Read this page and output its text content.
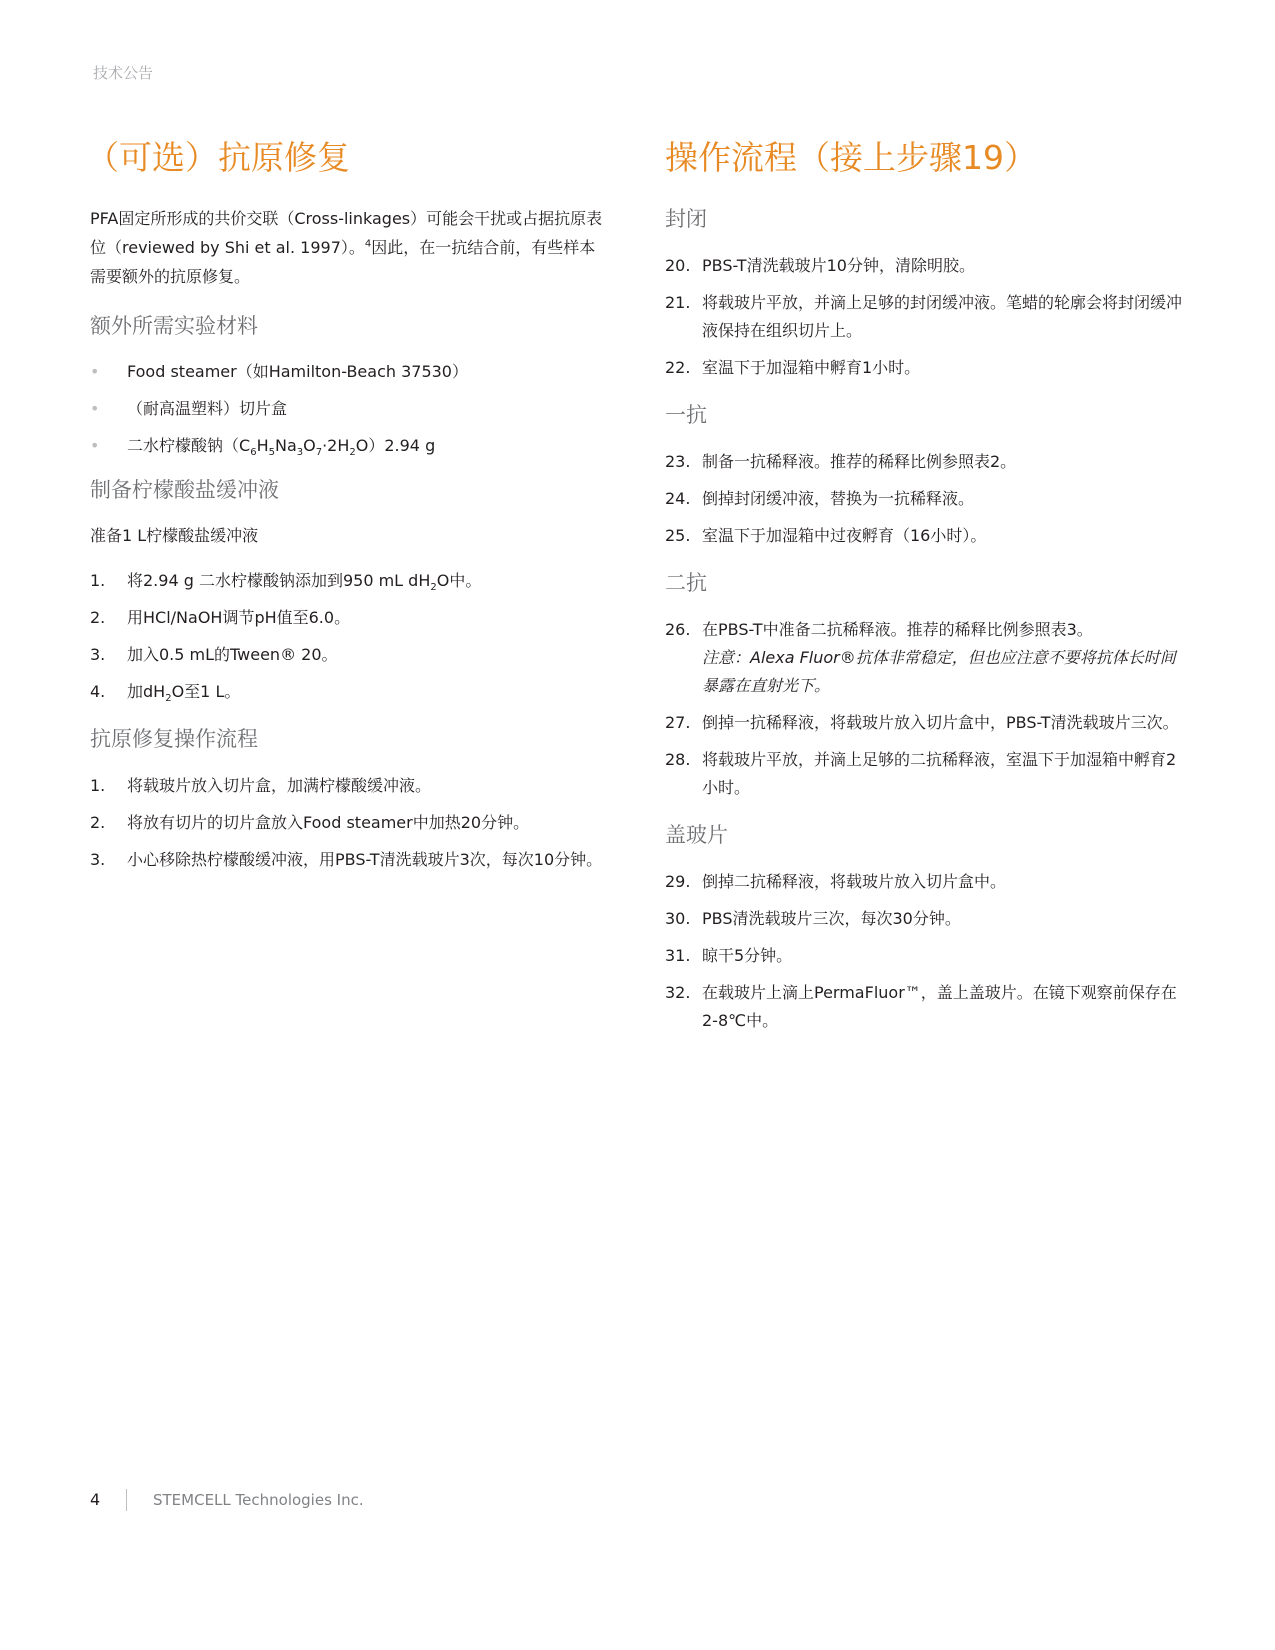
技术公告
（可选）抗原修复

PFA固定所形成的共价交联（Cross-linkages）可能会干扰或占据抗原表位（reviewed by Shi et al. 1997）。$^4$因此，在一抗结合前，有些样本需要额外的抗原修复。

额外所需实验材料
• Food steamer（如Hamilton-Beach 37530）
• （耐高温塑料）切片盒
• 二水柠檬酸钠$(C_6H_5Na_3O_7\cdot 2H_2O)2.94$ g
制备柠檬酸盐缓冲液

准备1 L柠檬酸盐缓冲液

1. 将2.94 g 二水柠檬酸钠添加到950 mL $dH_2O$中。
2. 用HCl/NaOH调节pH值至6.0。
3. 加入0.5 mL的Tween® 20。
4. 加$dH_2O$至1 L。
抗原修复操作流程
1. 将载玻片放入切片盒，加满柠檬酸缓冲液。
2. 将放有切片的切片盒放入Food steamer中加热20分钟。
3. 小心移除热柠檬酸缓冲液，用PBS-T清洗载玻片3次，每次10分钟。
操作流程（接上步骤19）
封闭
20. PBS-T清洗载玻片10分钟，清除明胶。
21. 将载玻片平放，并滴上足够的封闭缓冲液。笔蜡的轮廓会将封闭缓冲液保持在组织切片上。
22. 室温下于加湿箱中孵育1小时。
一抗
23. 制备一抗稀释液。推荐的稀释比例参照表2。
24. 倒掉封闭缓冲液，替换为一抗稀释液。
25. 室温下于加湿箱中过夜孵育（16小时）。
二抗
26. 在PBS-T中准备二抗稀释液。推荐的稀释比例参照表3。
注意：Alexa Fluor®抗体非常稳定，但也应注意不要将抗体长时间暴露在直射光下。
27. 倒掉一抗稀释液，将载玻片放入切片盒中，PBS-T清洗载玻片三次。
28. 将载玻片平放，并滴上足够的二抗稀释液，室温下于加湿箱中孵育2小时。
盖玻片
29. 倒掉二抗稀释液，将载玻片放入切片盒中。
30. PBS清洗载玻片三次，每次30分钟。
31. 晾干5分钟。
32. 在载玻片上滴上PermaFluor™，盖上盖玻片。在镜下观察前保存在2-8℃中。
4	STEMCELL Technologies Inc.
